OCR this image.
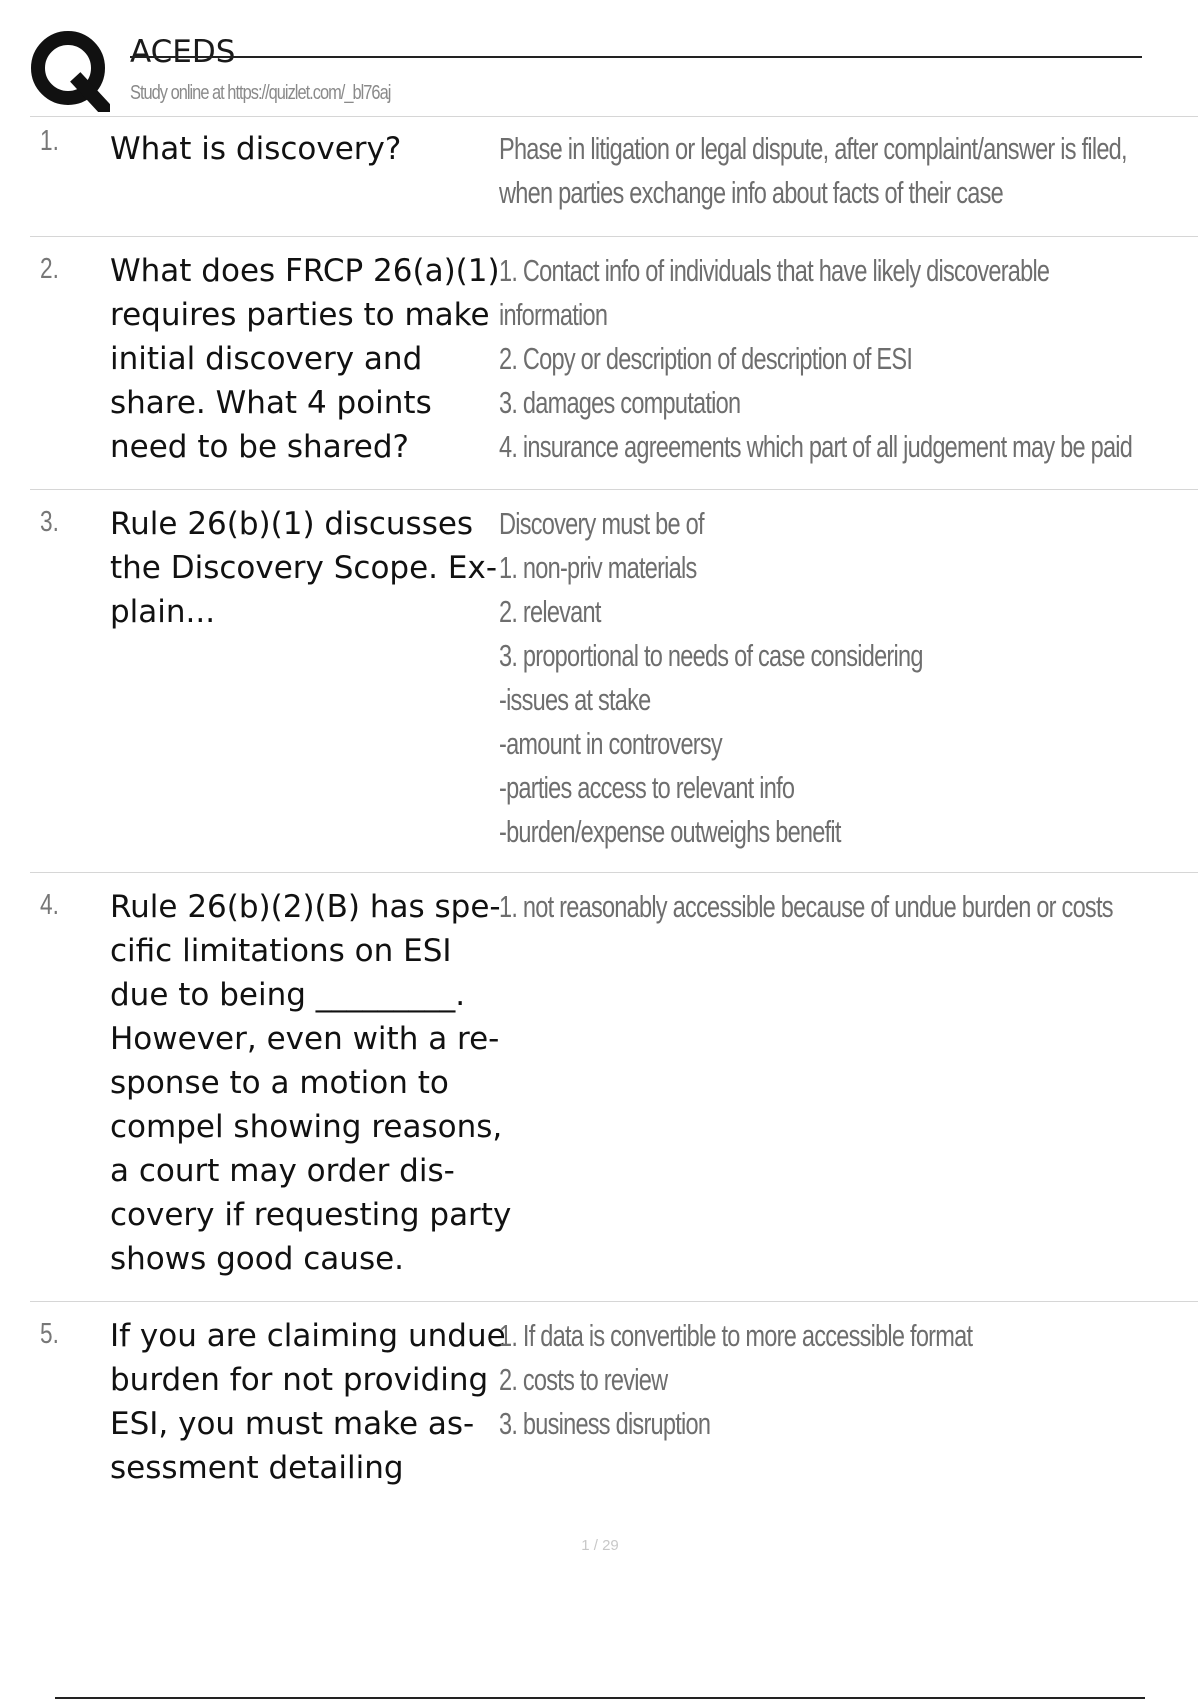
ACEDS
Study online at https://quizlet.com/_bl76aj
1. What is discovery?	Phase in litigation or legal dispute, after complaint/answer is filed,
when parties exchange info about facts of their case
2. What does FRCP 26(a)(1)
requires parties to make
initial discovery and
share. What 4 points
need to be shared?
1. Contact info of individuals that have likely discoverable information
2. Copy or description of description of ESI
3. damages computation
4. insurance agreements which part of all judgement may be paid
3. Rule 26(b)(1) discusses
the Discovery Scope. Ex-
plain...
Discovery must be of
1. non-priv materials
2. relevant
3. proportional to needs of case considering
-issues at stake
-amount in controversy
-parties access to relevant info
-burden/expense outweighs benefit
4. Rule 26(b)(2)(B) has spe-
cific limitations on ESI
due to being _________.
However, even with a re-
sponse to a motion to
compel showing reasons,
a court may order dis-
covery if requesting party
shows good cause.
1. not reasonably accessible because of undue burden or costs
5. If you are claiming undue
burden for not providing
ESI, you must make as-
sessment detailing
1. If data is convertible to more accessible format
2. costs to review
3. business disruption
1 / 29
